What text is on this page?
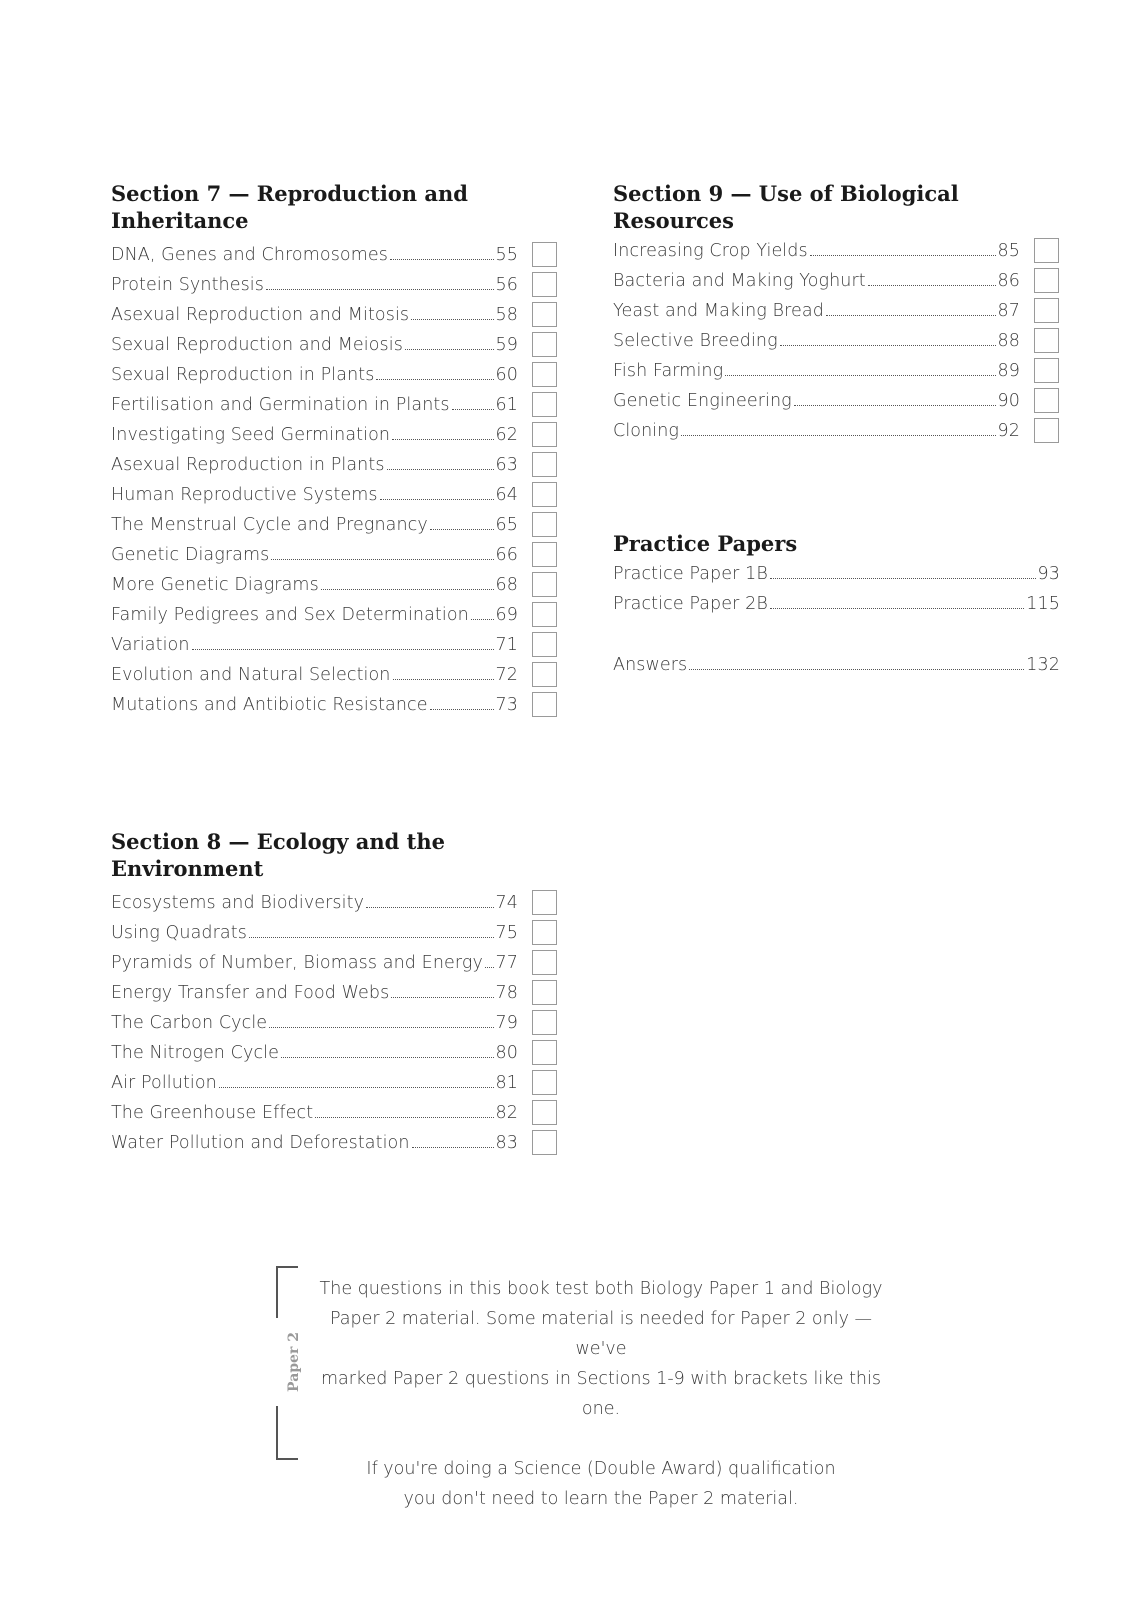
Section 7 — Reproduction and
Inheritance
DNA, Genes and Chromosomes	55
Protein Synthesis	56
Asexual Reproduction and Mitosis	58
Sexual Reproduction and Meiosis	59
Sexual Reproduction in Plants	60
Fertilisation and Germination in Plants	61
Investigating Seed Germination	62
Asexual Reproduction in Plants	63
Human Reproductive Systems	64
The Menstrual Cycle and Pregnancy	65
Genetic Diagrams	66
More Genetic Diagrams	68
Family Pedigrees and Sex Determination 69
Variation	71
Evolution and Natural Selection	72
Mutations and Antibiotic Resistance	73
Section 8 — Ecology and the
Environment
Ecosystems and Biodiversity	74
Using Quadrats	75
Pyramids of Number, Biomass and Energy 77
Energy Transfer and Food Webs	78
The Carbon Cycle	79
The Nitrogen Cycle	80
Air Pollution	81
The Greenhouse Effect	82
Water Pollution and Deforestation	83
Section 9 — Use of Biological Resources
Increasing Crop Yields	85
Bacteria and Making Yoghurt	86
Yeast and Making Bread	87
Selective Breeding	88
Fish Farming	89
Genetic Engineering	90
Cloning	92
Practice Papers
Practice Paper 1B	93
Practice Paper 2B	115
Answers	132
Paper 2

The questions in this book test both Biology Paper 1 and Biology
Paper 2 material. Some material is needed for Paper 2 only — we've
marked Paper 2 questions in Sections 1-9 with brackets like this one.

If you're doing a Science (Double Award) qualification
you don't need to learn the Paper 2 material.
